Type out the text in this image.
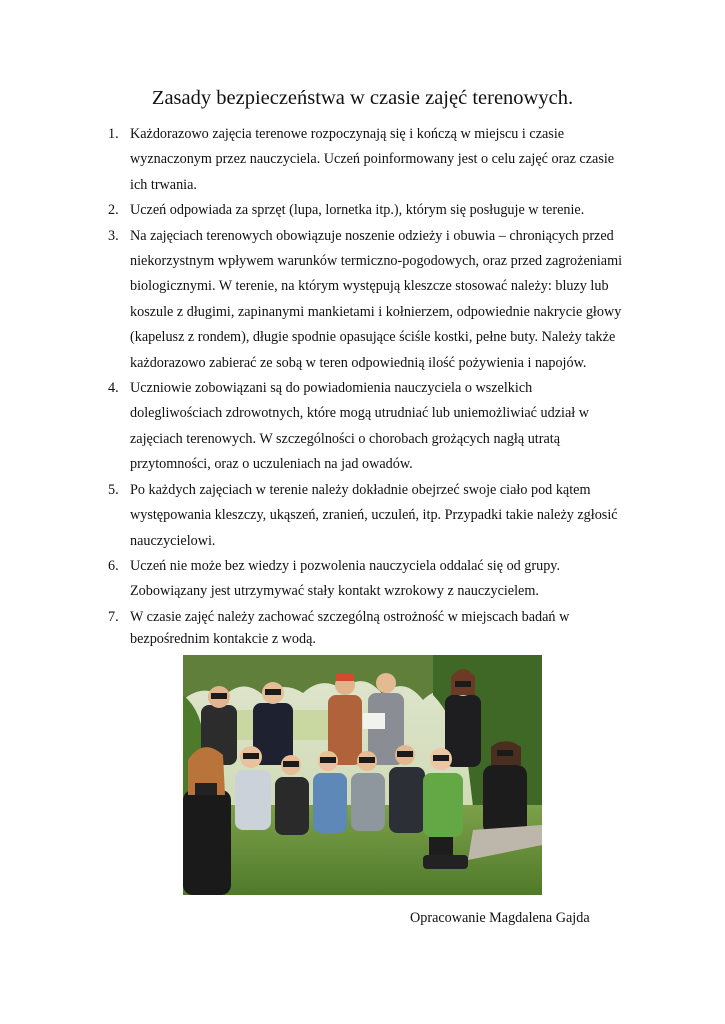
Zasady bezpieczeństwa w czasie zajęć terenowych.
1. Każdorazowo zajęcia terenowe rozpoczynają się i kończą w miejscu i czasie
wyznaczonym przez nauczyciela. Uczeń poinformowany jest o celu zajęć oraz czasie
ich trwania.
2. Uczeń odpowiada za sprzęt (lupa, lornetka itp.), którym się posługuje w terenie.
3. Na zajęciach terenowych obowiązuje noszenie odzieży i obuwia – chroniących przed
niekorzystnym wpływem warunków termiczno-pogodowych, oraz przed zagrożeniami
biologicznymi. W terenie, na którym występują kleszcze stosować należy: bluzy lub
koszule z długimi, zapinanymi mankietami i kołnierzem, odpowiednie nakrycie głowy
(kapelusz z rondem), długie spodnie opasujące ściśle kostki, pełne buty. Należy także
każdorazowo zabierać ze sobą w teren odpowiednią ilość pożywienia i napojów.
4. Uczniowie zobowiązani są do powiadomienia nauczyciela o wszelkich
dolegliwościach zdrowotnych, które mogą utrudniać lub uniemożliwiać udział w
zajęciach terenowych. W szczególności o chorobach grożących nagłą utratą
przytomności, oraz o uczuleniach na jad owadów.
5. Po każdych zajęciach w terenie należy dokładnie obejrzeć swoje ciało pod kątem
występowania kleszczy, ukąszeń, zranień, uczuleń, itp. Przypadki takie należy zgłosić
nauczycielowi.
6. Uczeń nie może bez wiedzy i pozwolenia nauczyciela oddalać się od grupy.
Zobowiązany jest utrzymywać stały kontakt wzrokowy z nauczycielem.
7. W czasie zajęć należy zachować szczególną ostrożność w miejscach badań w
bezpośrednim kontakcie z wodą.
Opracowanie Magdalena Gajda
